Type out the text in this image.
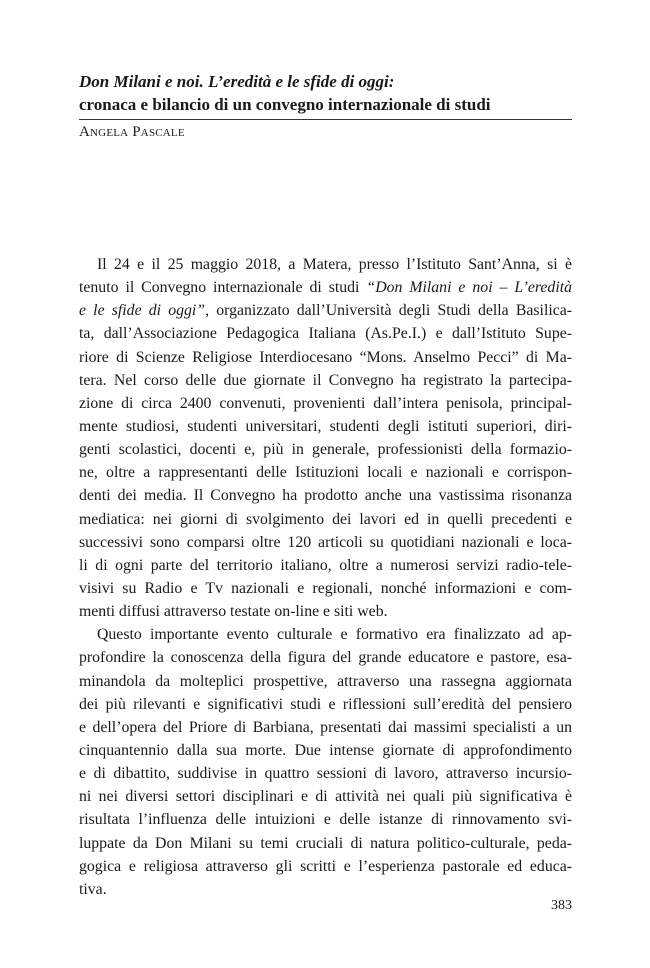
Don Milani e noi. L’eredità e le sfide di oggi:
cronaca e bilancio di un convegno internazionale di studi
Angela Pascale
Il 24 e il 25 maggio 2018, a Matera, presso l’Istituto Sant’Anna, si è
tenuto il Convegno internazionale di studi “Don Milani e noi – L’eredità
e le sfide di oggi”, organizzato dall’Università degli Studi della Basilica-
ta, dall’Associazione Pedagogica Italiana (As.Pe.I.) e dall’Istituto Supe-
riore di Scienze Religiose Interdiocesano “Mons. Anselmo Pecci” di Ma-
tera. Nel corso delle due giornate il Convegno ha registrato la partecipa-
zione di circa 2400 convenuti, provenienti dall’intera penisola, principal-
mente studiosi, studenti universitari, studenti degli istituti superiori, diri-
genti scolastici, docenti e, più in generale, professionisti della formazio-
ne, oltre a rappresentanti delle Istituzioni locali e nazionali e corrispon-
denti dei media. Il Convegno ha prodotto anche una vastissima risonanza
mediatica: nei giorni di svolgimento dei lavori ed in quelli precedenti e
successivi sono comparsi oltre 120 articoli su quotidiani nazionali e loca-
li di ogni parte del territorio italiano, oltre a numerosi servizi radio-tele-
visivi su Radio e Tv nazionali e regionali, nonché informazioni e com-
menti diffusi attraverso testate on-line e siti web.
Questo importante evento culturale e formativo era finalizzato ad ap-
profondire la conoscenza della figura del grande educatore e pastore, esa-
minandola da molteplici prospettive, attraverso una rassegna aggiornata
dei più rilevanti e significativi studi e riflessioni sull’eredità del pensiero
e dell’opera del Priore di Barbiana, presentati dai massimi specialisti a un
cinquantennio dalla sua morte. Due intense giornate di approfondimento
e di dibattito, suddivise in quattro sessioni di lavoro, attraverso incursio-
ni nei diversi settori disciplinari e di attività nei quali più significativa è
risultata l’influenza delle intuizioni e delle istanze di rinnovamento svi-
luppate da Don Milani su temi cruciali di natura politico-culturale, peda-
gogica e religiosa attraverso gli scritti e l’esperienza pastorale ed educa-
tiva.
383
